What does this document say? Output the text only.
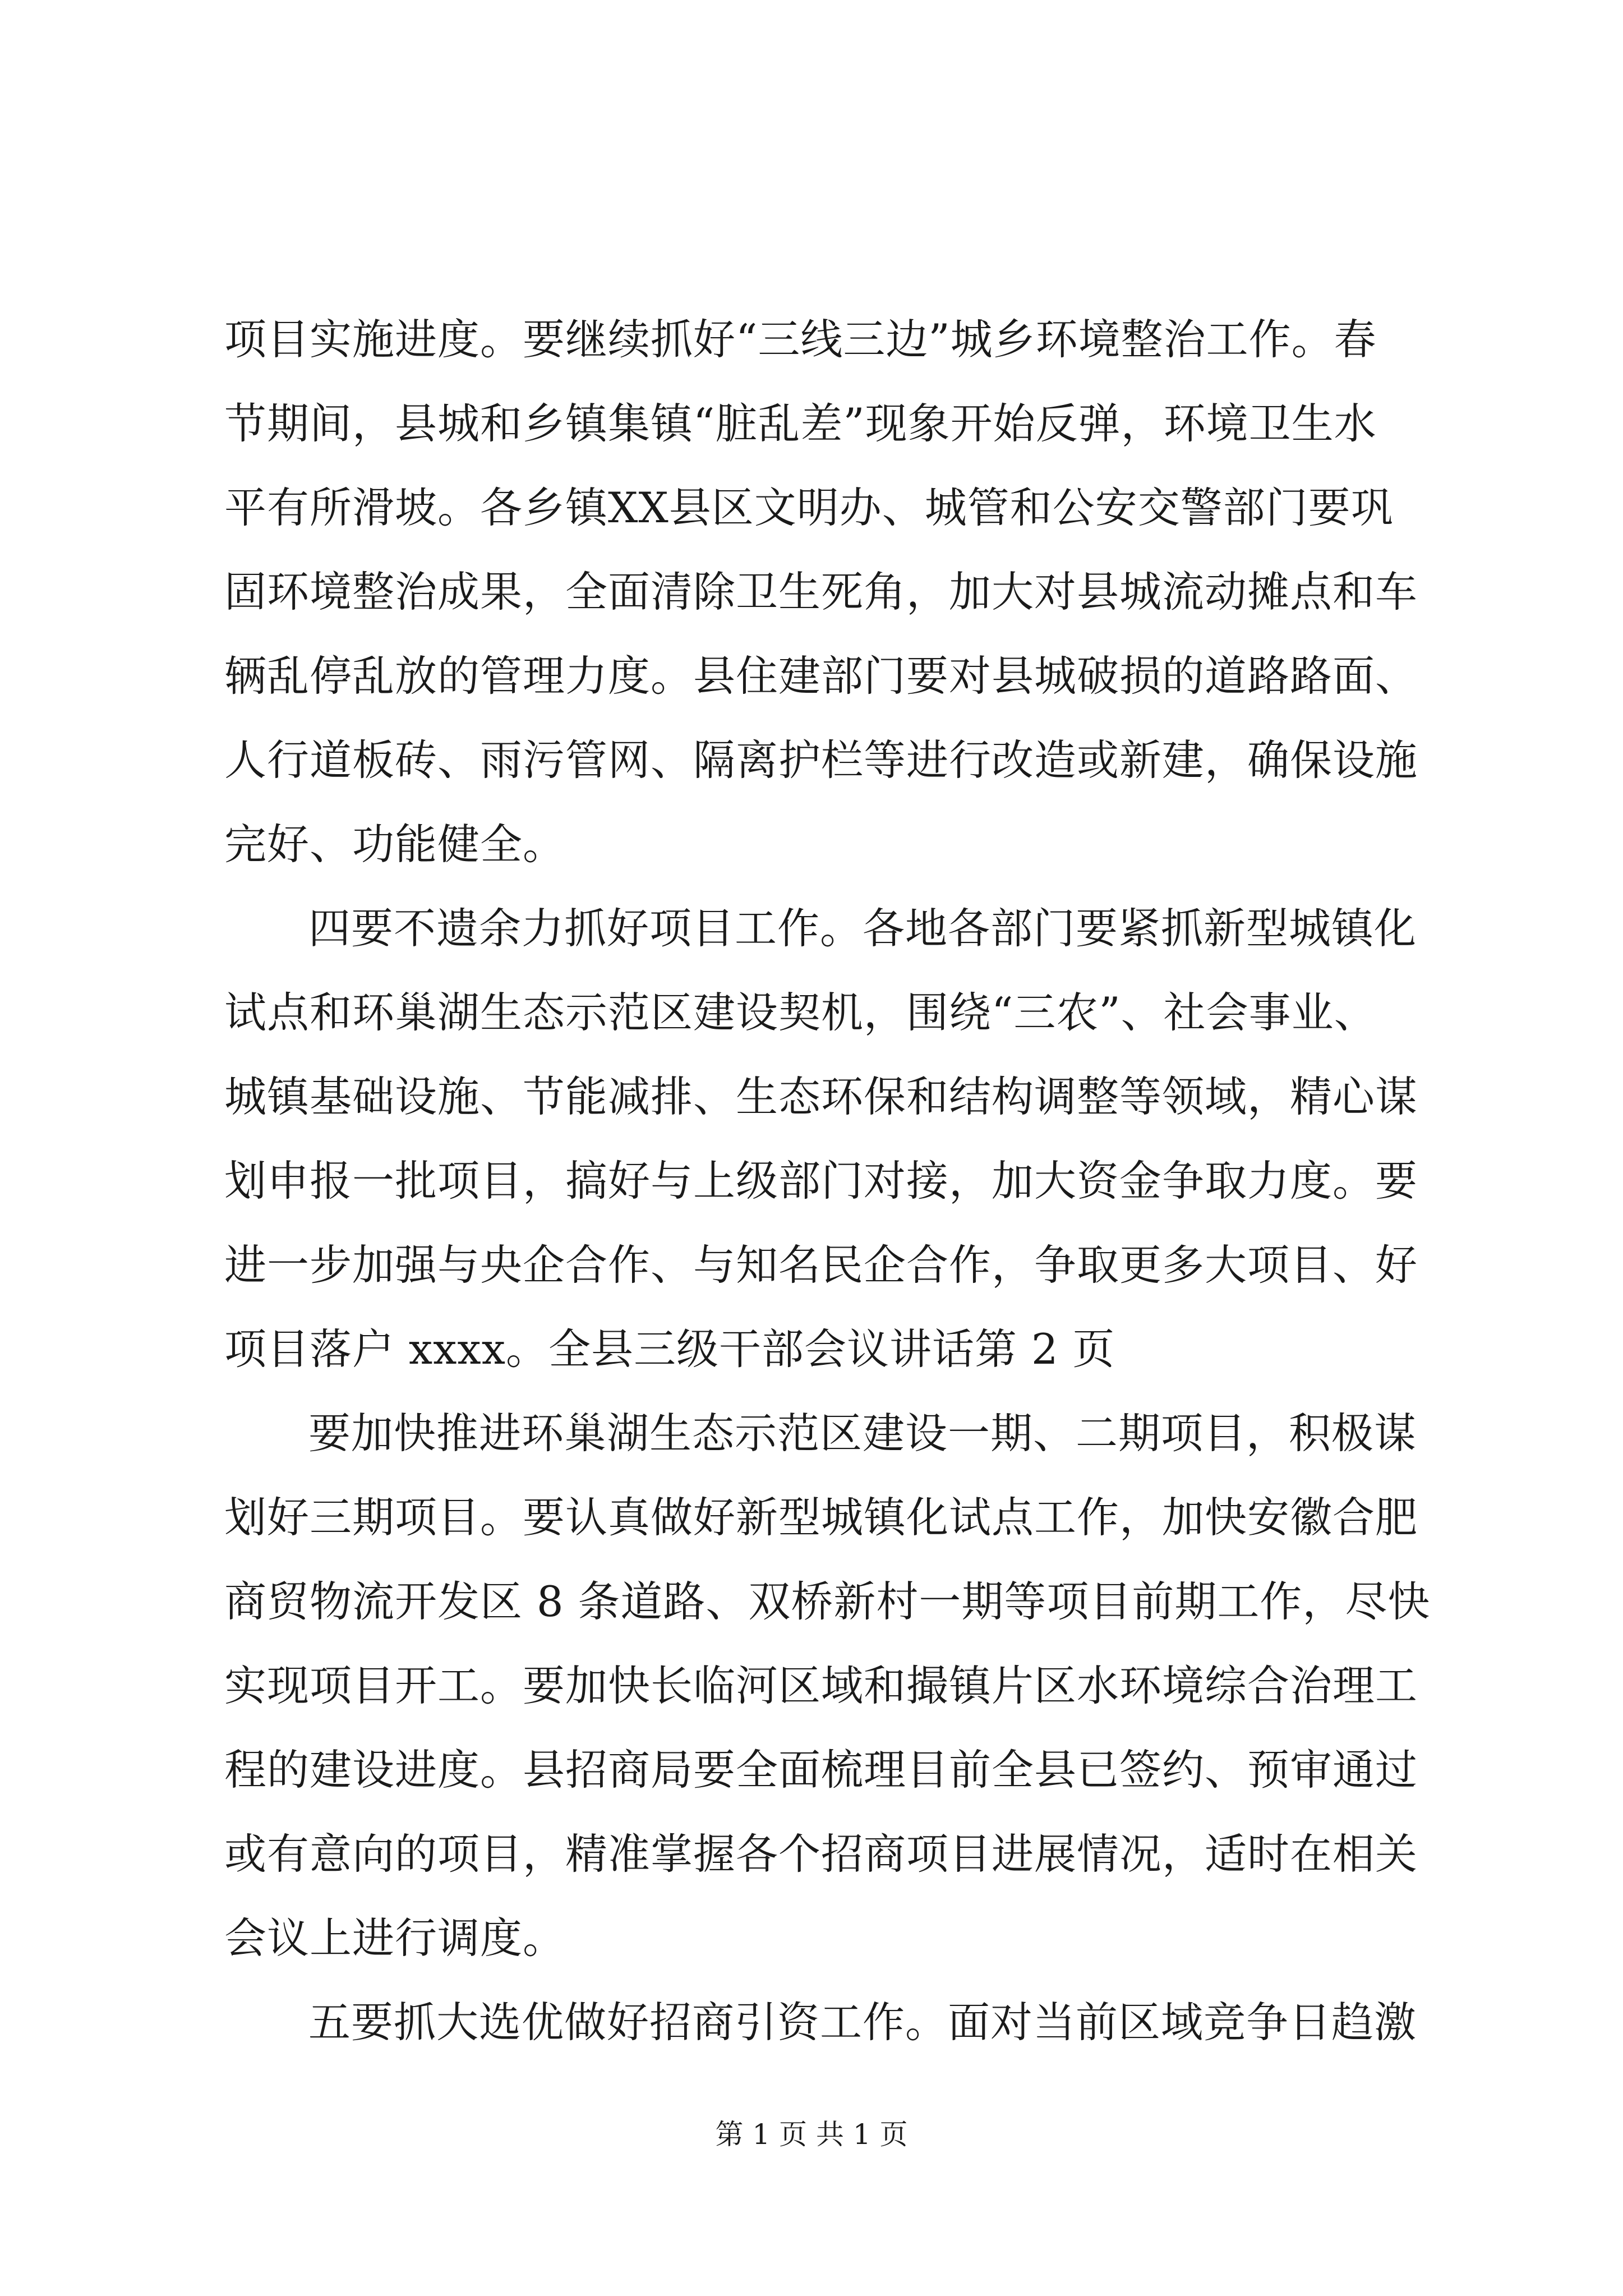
项目实施进度。要继续抓好“三线三边”城乡环境整治工作。春
节期间，县城和乡镇集镇“脏乱差”现象开始反弹，环境卫生水
平有所滑坡。各乡镇XX县区文明办、城管和公安交警部门要巩
固环境整治成果，全面清除卫生死角，加大对县城流动摊点和车
辆乱停乱放的管理力度。县住建部门要对县城破损的道路路面、
人行道板砖、雨污管网、隔离护栏等进行改造或新建，确保设施
完好、功能健全。
四要不遗余力抓好项目工作。各地各部门要紧抓新型城镇化
试点和环巢湖生态示范区建设契机，围绕“三农”、社会事业、
城镇基础设施、节能减排、生态环保和结构调整等领域，精心谋
划申报一批项目，搞好与上级部门对接，加大资金争取力度。要
进一步加强与央企合作、与知名民企合作，争取更多大项目、好
项目落户 xxxx。全县三级干部会议讲话第 2 页
要加快推进环巢湖生态示范区建设一期、二期项目，积极谋
划好三期项目。要认真做好新型城镇化试点工作，加快安徽合肥
商贸物流开发区 8 条道路、双桥新村一期等项目前期工作，尽快
实现项目开工。要加快长临河区域和撮镇片区水环境综合治理工
程的建设进度。县招商局要全面梳理目前全县已签约、预审通过
或有意向的项目，精准掌握各个招商项目进展情况，适时在相关
会议上进行调度。
五要抓大选优做好招商引资工作。面对当前区域竞争日趋激
第 1 页 共 1 页
